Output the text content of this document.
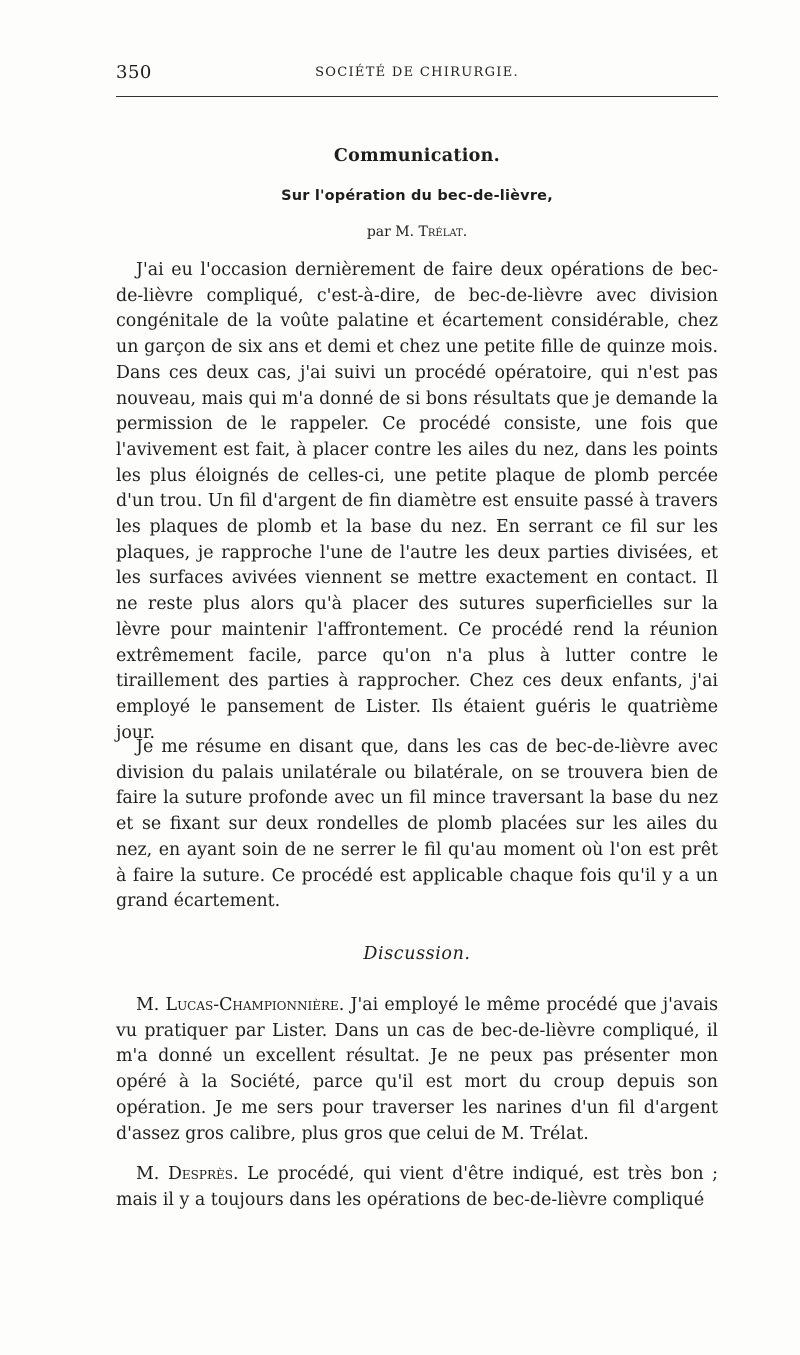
350	SOCIÉTÉ DE CHIRURGIE.
Communication.
Sur l'opération du bec-de-lièvre,
par M. Trélat.

J'ai eu l'occasion dernièrement de faire deux opérations de bec-de-lièvre compliqué, c'est-à-dire, de bec-de-lièvre avec division congénitale de la voûte palatine et écartement considérable, chez un garçon de six ans et demi et chez une petite fille de quinze mois. Dans ces deux cas, j'ai suivi un procédé opératoire, qui n'est pas nouveau, mais qui m'a donné de si bons résultats que je demande la permission de le rappeler. Ce procédé consiste, une fois que l'avivement est fait, à placer contre les ailes du nez, dans les points les plus éloignés de celles-ci, une petite plaque de plomb percée d'un trou. Un fil d'argent de fin diamètre est ensuite passé à travers les plaques de plomb et la base du nez. En serrant ce fil sur les plaques, je rapproche l'une de l'autre les deux parties divisées, et les surfaces avivées viennent se mettre exactement en contact. Il ne reste plus alors qu'à placer des sutures superficielles sur la lèvre pour maintenir l'affrontement. Ce procédé rend la réunion extrêmement facile, parce qu'on n'a plus à lutter contre le tiraillement des parties à rapprocher. Chez ces deux enfants, j'ai employé le pansement de Lister. Ils étaient guéris le quatrième jour.

Je me résume en disant que, dans les cas de bec-de-lièvre avec division du palais unilatérale ou bilatérale, on se trouvera bien de faire la suture profonde avec un fil mince traversant la base du nez et se fixant sur deux rondelles de plomb placées sur les ailes du nez, en ayant soin de ne serrer le fil qu'au moment où l'on est prêt à faire la suture. Ce procédé est applicable chaque fois qu'il y a un grand écartement.

Discussion.

M. Lucas-Championnière. J'ai employé le même procédé que j'avais vu pratiquer par Lister. Dans un cas de bec-de-lièvre compliqué, il m'a donné un excellent résultat. Je ne peux pas présenter mon opéré à la Société, parce qu'il est mort du croup depuis son opération. Je me sers pour traverser les narines d'un fil d'argent d'assez gros calibre, plus gros que celui de M. Trélat.

M. Desprès. Le procédé, qui vient d'être indiqué, est très bon ; mais il y a toujours dans les opérations de bec-de-lièvre compliqué
